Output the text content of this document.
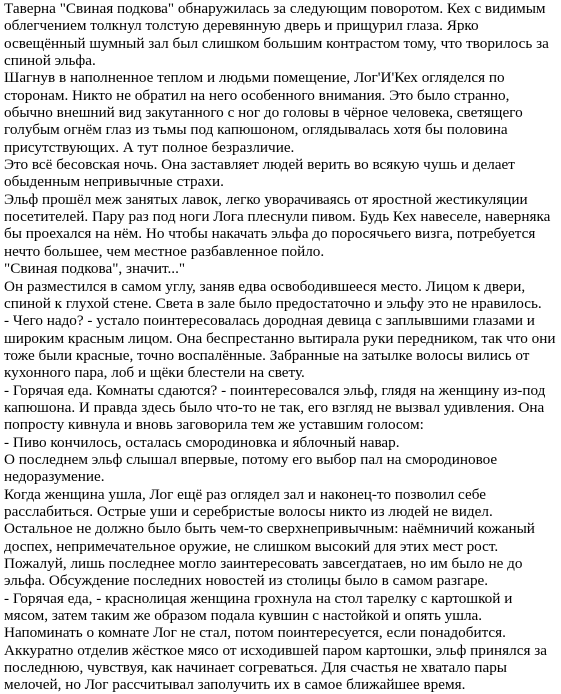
Таверна "Свиная подкова" обнаружилась за следующим поворотом. Кех с видимым облегчением толкнул толстую деревянную дверь и прищурил глаза. Ярко освещённый шумный зал был слишком большим контрастом тому, что творилось за спиной эльфа.

Шагнув в наполненное теплом и людьми помещение, Лог'И'Кех огляделся по сторонам. Никто не обратил на него особенного внимания. Это было странно, обычно внешний вид закутанного с ног до головы в чёрное человека, светящего голубым огнём глаз из тьмы под капюшоном, оглядывалась хотя бы половина присутствующих. А тут полное безразличие.

Это всё бесовская ночь. Она заставляет людей верить во всякую чушь и делает обыденным непривычные страхи.

Эльф прошёл меж занятых лавок, легко уворачиваясь от яростной жестикуляции посетителей. Пару раз под ноги Лога плеснули пивом. Будь Кех навеселе, наверняка бы проехался на нём. Но чтобы накачать эльфа до поросячьего визга, потребуется нечто большее, чем местное разбавленное пойло.

"Свиная подкова", значит..."

Он разместился в самом углу, заняв едва освободившееся место. Лицом к двери, спиной к глухой стене. Света в зале было предостаточно и эльфу это не нравилось.

- Чего надо? - устало поинтересовалась дородная девица с заплывшими глазами и широким красным лицом. Она беспрестанно вытирала руки передником, так что они тоже были красные, точно воспалённые. Забранные на затылке волосы вились от кухонного пара, лоб и щёки блестели на свету.

- Горячая еда. Комнаты сдаются? - поинтересовался эльф, глядя на женщину из-под капюшона. И правда здесь было что-то не так, его взгляд не вызвал удивления. Она попросту кивнула и вновь заговорила тем же уставшим голосом:

- Пиво кончилось, осталась смородиновка и яблочный навар.

О последнем эльф слышал впервые, потому его выбор пал на смородиновое недоразумение.

Когда женщина ушла, Лог ещё раз оглядел зал и наконец-то позволил себе расслабиться. Острые уши и серебристые волосы никто из людей не видел. Остальное не должно было быть чем-то сверхнепривычным: наёмничий кожаный доспех, непримечательное оружие, не слишком высокий для этих мест рост. Пожалуй, лишь последнее могло заинтересовать завсегдатаев, но им было не до эльфа. Обсуждение последних новостей из столицы было в самом разгаре.

- Горячая еда, - краснолицая женщина грохнула на стол тарелку с картошкой и мясом, затем таким же образом подала кувшин с настойкой и опять ушла. Напоминать о комнате Лог не стал, потом поинтересуется, если понадобится.

Аккуратно отделив жёсткое мясо от исходившей паром картошки, эльф принялся за последнюю, чувствуя, как начинает согреваться. Для счастья не хватало пары мелочей, но Лог рассчитывал заполучить их в самое ближайшее время.
